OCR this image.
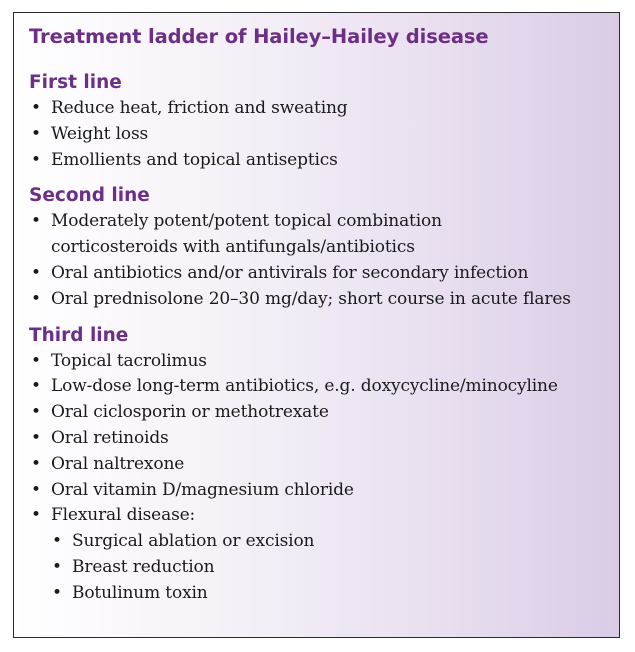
Treatment ladder of Hailey–Hailey disease
First line
• Reduce heat, friction and sweating
• Weight loss
• Emollients and topical antiseptics
Second line
• Moderately potent/potent topical combination corticosteroids with antifungals/antibiotics
• Oral antibiotics and/or antivirals for secondary infection
• Oral prednisolone 20–30 mg/day; short course in acute flares
Third line
• Topical tacrolimus
• Low-dose long-term antibiotics, e.g. doxycycline/minocyline
• Oral ciclosporin or methotrexate
• Oral retinoids
• Oral naltrexone
• Oral vitamin D/magnesium chloride
• Flexural disease:
• Surgical ablation or excision
• Breast reduction
• Botulinum toxin
